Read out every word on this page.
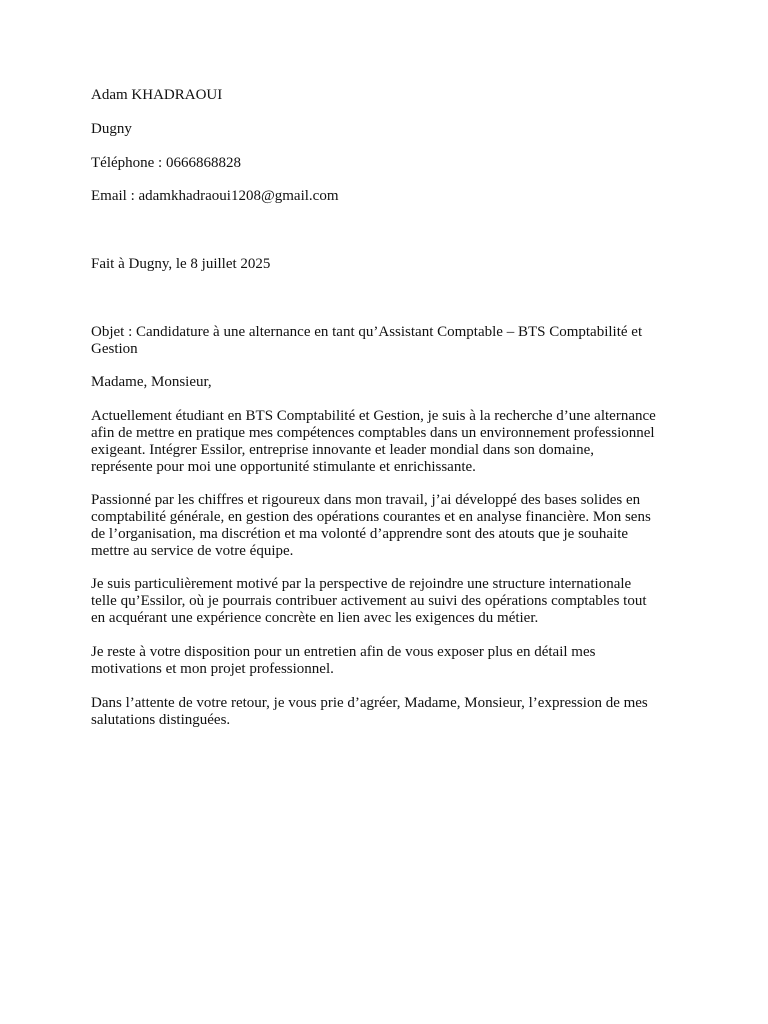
Adam KHADRAOUI
Dugny
Téléphone : 0666868828
Email : adamkhadraoui1208@gmail.com
Fait à Dugny, le 8 juillet 2025
Objet : Candidature à une alternance en tant qu’Assistant Comptable – BTS Comptabilité et
Gestion
Madame, Monsieur,
Actuellement étudiant en BTS Comptabilité et Gestion, je suis à la recherche d’une alternance
afin de mettre en pratique mes compétences comptables dans un environnement professionnel
exigeant. Intégrer Essilor, entreprise innovante et leader mondial dans son domaine,
représente pour moi une opportunité stimulante et enrichissante.
Passionné par les chiffres et rigoureux dans mon travail, j’ai développé des bases solides en
comptabilité générale, en gestion des opérations courantes et en analyse financière. Mon sens
de l’organisation, ma discrétion et ma volonté d’apprendre sont des atouts que je souhaite
mettre au service de votre équipe.
Je suis particulièrement motivé par la perspective de rejoindre une structure internationale
telle qu’Essilor, où je pourrais contribuer activement au suivi des opérations comptables tout
en acquérant une expérience concrète en lien avec les exigences du métier.
Je reste à votre disposition pour un entretien afin de vous exposer plus en détail mes
motivations et mon projet professionnel.
Dans l’attente de votre retour, je vous prie d’agréer, Madame, Monsieur, l’expression de mes
salutations distinguées.
